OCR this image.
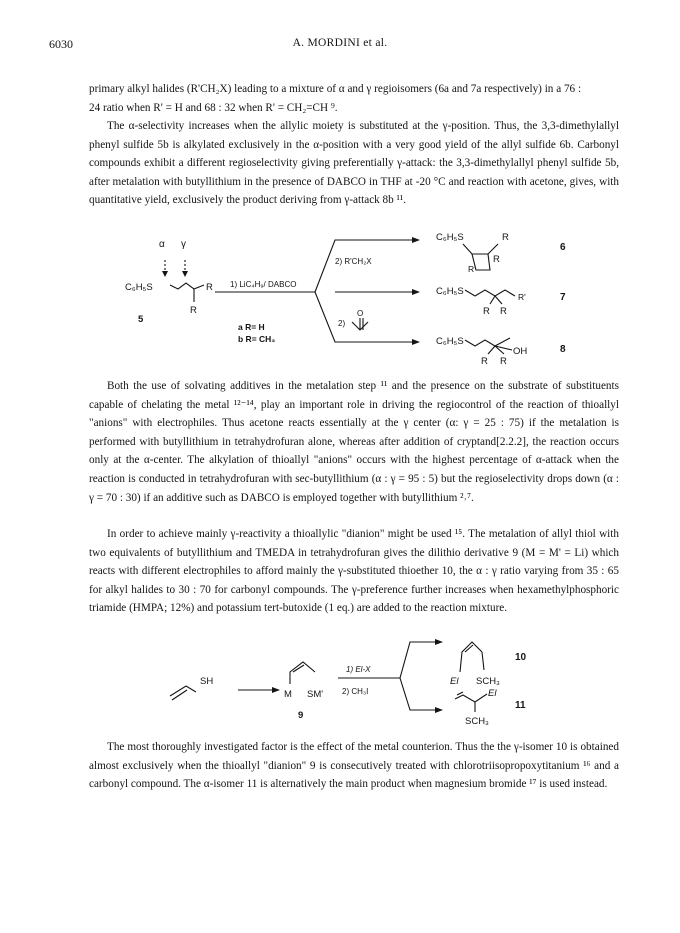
6030	A. MORDINI et al.

primary alkyl halides (R'CH₂X) leading to a mixture of α and γ regioisomers (6a and 7a respectively) in a 76 :

24 ratio when R' = H and 68 : 32 when R' = CH₂=CH ⁹.

The α-selectivity increases when the allylic moiety is substituted at the γ-position. Thus, the 3,3-dimethylallyl phenyl sulfide 5b is alkylated exclusively in the α-position with a very good yield of the allyl sulfide 6b. Carbonyl compounds exhibit a different regioselectivity giving preferentially γ-attack: the 3,3-dimethylallyl phenyl sulfide 5b, after metalation with butyllithium in the presence of DABCO in THF at -20 °C and reaction with acetone, gives, with quantitative yield, exclusively the product deriving from γ-attack 8b ¹¹.

α γ
C₆H₅S	R
R
5
1) LiC₄H₉/ DABCO
2) R'CH₂X
2)
O
a R= H
b R= CH₃
C₆H₅S	R
R
R'
6
C₆H₅S	R'
R R
7
C₆H₅S
OH
R R
8

Both the use of solvating additives in the metalation step ¹¹ and the presence on the substrate of substituents capable of chelating the metal ¹²⁻¹⁴, play an important role in driving the regiocontrol of the reaction of thioallyl "anions" with electrophiles. Thus acetone reacts essentially at the γ center (α: γ = 25 : 75) if the metalation is performed with butyllithium in tetrahydrofuran alone, whereas after addition of cryptand[2.2.2], the reaction occurs only at the α-center. The alkylation of thioallyl "anions" occurs with the highest percentage of α-attack when the reaction is conducted in tetrahydrofuran with sec-butyllithium (α : γ = 95 : 5) but the regioselectivity drops down (α : γ = 70 : 30) if an additive such as DABCO is employed together with butyllithium ²˒⁷.

In order to achieve mainly γ-reactivity a thioallylic "dianion" might be used ¹⁵. The metalation of allyl thiol with two equivalents of butyllithium and TMEDA in tetrahydrofuran gives the dilithio derivative 9 (M = M' = Li) which reacts with different electrophiles to afford mainly the γ-substituted thioether 10, the α : γ ratio varying from 35 : 65 for alkyl halides to 30 : 70 for carbonyl compounds. The γ-preference further increases when hexamethylphosphoric triamide (HMPA; 12%) and potassium tert-butoxide (1 eq.) are added to the reaction mixture.

SH
M SM'
9
1) El-X
2) CH₃I
El SCH₃
10
El
SCH₃
11

The most thoroughly investigated factor is the effect of the metal counterion. Thus the the γ-isomer 10 is obtained almost exclusively when the thioallyl "dianion" 9 is consecutively treated with chlorotriisopropoxytitanium ¹⁶ and a carbonyl compound. The α-isomer 11 is alternatively the main product when magnesium bromide ¹⁷ is used instead.
